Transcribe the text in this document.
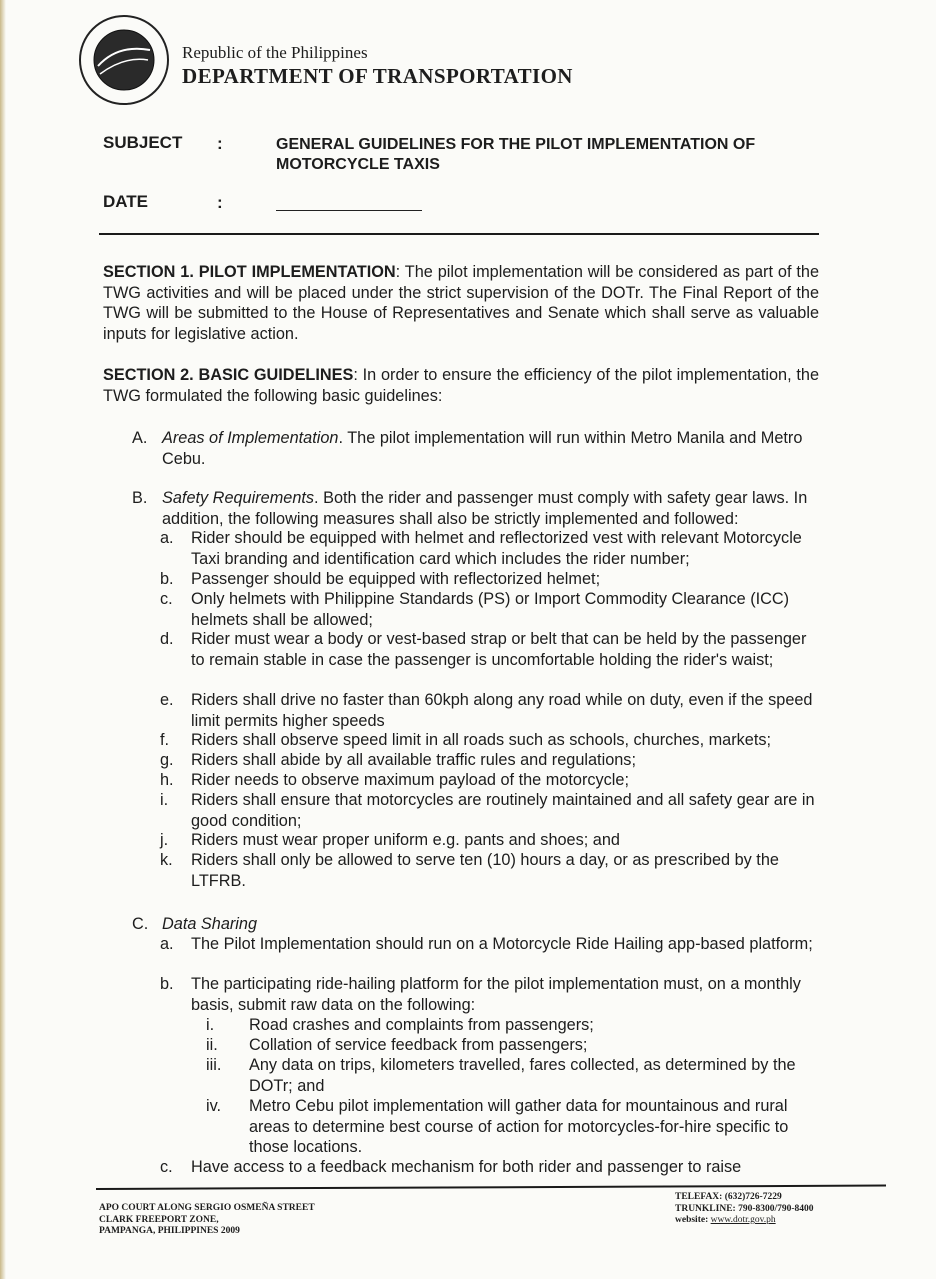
Republic of the Philippines
DEPARTMENT OF TRANSPORTATION
SUBJECT :	GENERAL GUIDELINES FOR THE PILOT IMPLEMENTATION OF MOTORCYCLE TAXIS
DATE	:
SECTION 1. PILOT IMPLEMENTATION: The pilot implementation will be considered as part of the TWG activities and will be placed under the strict supervision of the DOTr. The Final Report of the TWG will be submitted to the House of Representatives and Senate which shall serve as valuable inputs for legislative action.
SECTION 2. BASIC GUIDELINES: In order to ensure the efficiency of the pilot implementation, the TWG formulated the following basic guidelines:
A. Areas of Implementation. The pilot implementation will run within Metro Manila and Metro Cebu.
B. Safety Requirements. Both the rider and passenger must comply with safety gear laws. In addition, the following measures shall also be strictly implemented and followed:
a. Rider should be equipped with helmet and reflectorized vest with relevant Motorcycle Taxi branding and identification card which includes the rider number;
b. Passenger should be equipped with reflectorized helmet;
c. Only helmets with Philippine Standards (PS) or Import Commodity Clearance (ICC) helmets shall be allowed;
d. Rider must wear a body or vest-based strap or belt that can be held by the passenger to remain stable in case the passenger is uncomfortable holding the rider's waist;
e. Riders shall drive no faster than 60kph along any road while on duty, even if the speed limit permits higher speeds
f. Riders shall observe speed limit in all roads such as schools, churches, markets;
g. Riders shall abide by all available traffic rules and regulations;
h. Rider needs to observe maximum payload of the motorcycle;
i. Riders shall ensure that motorcycles are routinely maintained and all safety gear are in good condition;
j. Riders must wear proper uniform e.g. pants and shoes; and
k. Riders shall only be allowed to serve ten (10) hours a day, or as prescribed by the LTFRB.
C. Data Sharing
a. The Pilot Implementation should run on a Motorcycle Ride Hailing app-based platform;
b. The participating ride-hailing platform for the pilot implementation must, on a monthly basis, submit raw data on the following:
i. Road crashes and complaints from passengers;
ii. Collation of service feedback from passengers;
iii. Any data on trips, kilometers travelled, fares collected, as determined by the DOTr; and
iv. Metro Cebu pilot implementation will gather data for mountainous and rural areas to determine best course of action for motorcycles-for-hire specific to those locations.
c. Have access to a feedback mechanism for both rider and passenger to raise
APO COURT ALONG SERGIO OSMEÑA STREET
CLARK FREEPORT ZONE,
PAMPANGA, PHILIPPINES 2009
TELEFAX: (632)726-7229
TRUNKLINE: 790-8300/790-8400
website: www.dotr.gov.ph
